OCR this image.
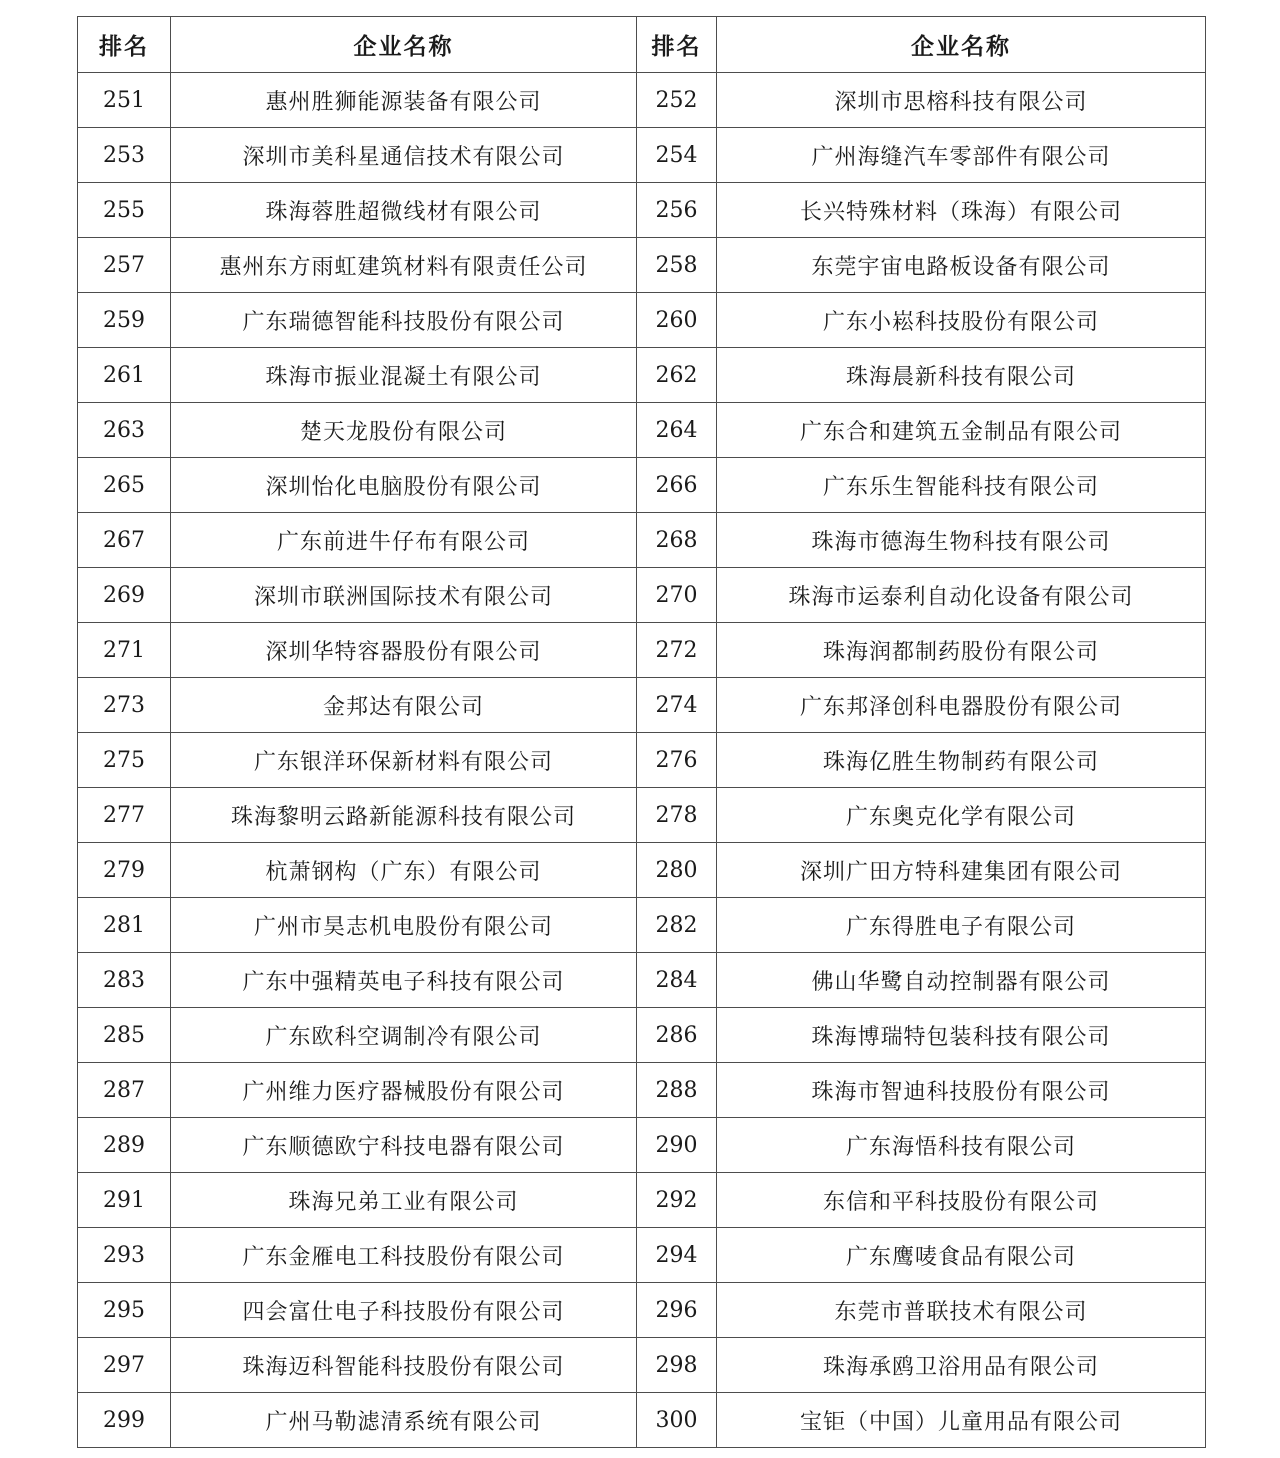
排名	企业名称	排名	企业名称
251	惠州胜狮能源装备有限公司	252	深圳市思榕科技有限公司
253	深圳市美科星通信技术有限公司	254	广州海缝汽车零部件有限公司
255	珠海蓉胜超微线材有限公司	256	长兴特殊材料（珠海）有限公司
257	惠州东方雨虹建筑材料有限责任公司	258	东莞宇宙电路板设备有限公司
259	广东瑞德智能科技股份有限公司	260	广东小崧科技股份有限公司
261	珠海市振业混凝土有限公司	262	珠海晨新科技有限公司
263	楚天龙股份有限公司	264	广东合和建筑五金制品有限公司
265	深圳怡化电脑股份有限公司	266	广东乐生智能科技有限公司
267	广东前进牛仔布有限公司	268	珠海市德海生物科技有限公司
269	深圳市联洲国际技术有限公司	270	珠海市运泰利自动化设备有限公司
271	深圳华特容器股份有限公司	272	珠海润都制药股份有限公司
273	金邦达有限公司	274	广东邦泽创科电器股份有限公司
275	广东银洋环保新材料有限公司	276	珠海亿胜生物制药有限公司
277	珠海黎明云路新能源科技有限公司	278	广东奥克化学有限公司
279	杭萧钢构（广东）有限公司	280	深圳广田方特科建集团有限公司
281	广州市昊志机电股份有限公司	282	广东得胜电子有限公司
283	广东中强精英电子科技有限公司	284	佛山华鹭自动控制器有限公司
285	广东欧科空调制冷有限公司	286	珠海博瑞特包装科技有限公司
287	广州维力医疗器械股份有限公司	288	珠海市智迪科技股份有限公司
289	广东顺德欧宁科技电器有限公司	290	广东海悟科技有限公司
291	珠海兄弟工业有限公司	292	东信和平科技股份有限公司
293	广东金雁电工科技股份有限公司	294	广东鹰唛食品有限公司
295	四会富仕电子科技股份有限公司	296	东莞市普联技术有限公司
297	珠海迈科智能科技股份有限公司	298	珠海承鸥卫浴用品有限公司
299	广州马勒滤清系统有限公司	300	宝钜（中国）儿童用品有限公司
